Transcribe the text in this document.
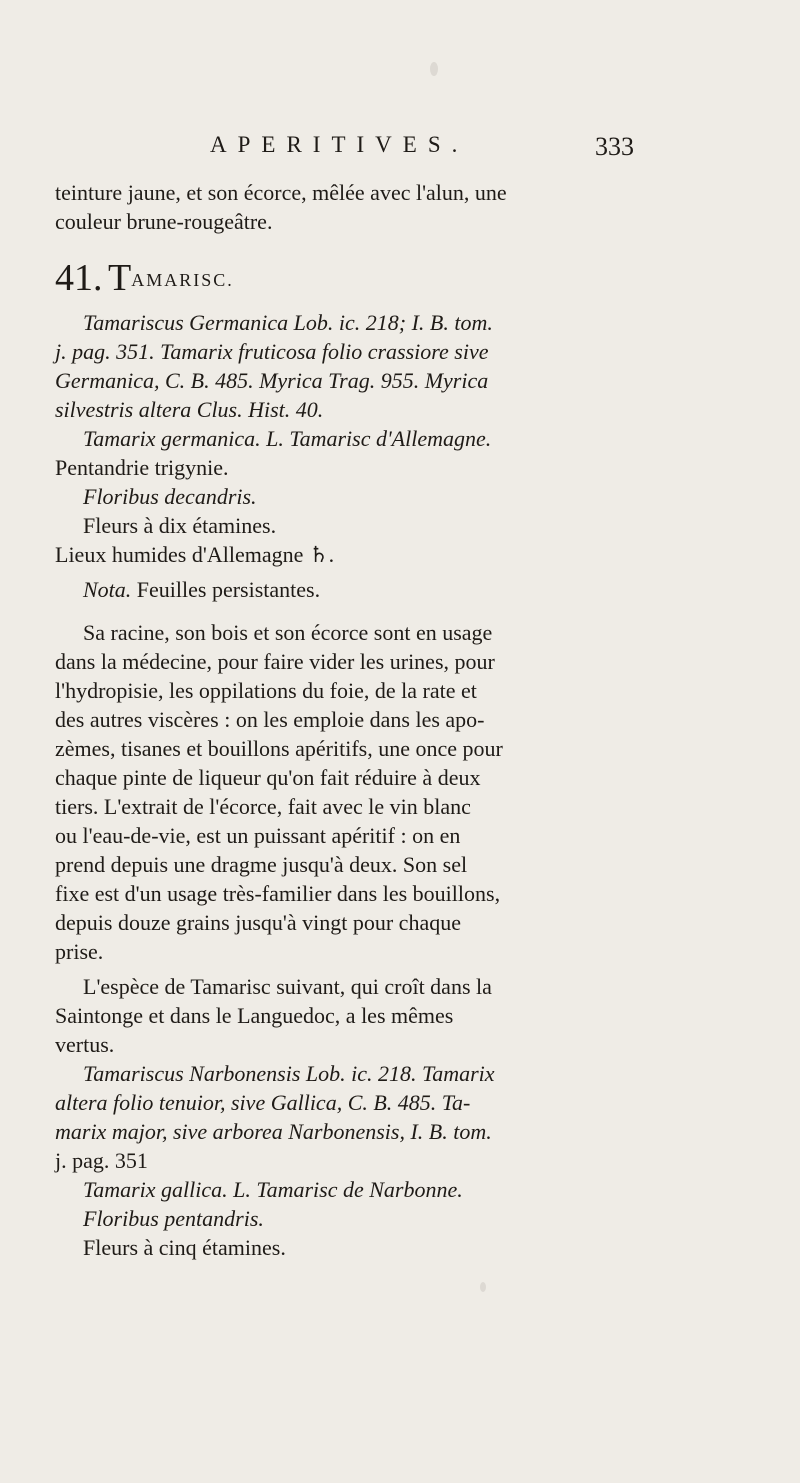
APERITIVES.	333
teinture jaune, et son écorce, mêlée avec l'alun, une
couleur brune-rougeâtre.
41. TAMARISC.
Tamariscus Germanica Lob. ic. 218; I. B. tom.
j. pag. 351. Tamarix fruticosa folio crassiore sive
Germanica, C. B. 485. Myrica Trag. 955. Myrica
silvestris altera Clus. Hist. 40.
Tamarix germanica. L. Tamarisc d'Allemagne.
Pentandrie trigynie.
Floribus decandris.
Fleurs à dix étamines.
Lieux humides d'Allemagne ♄.
Nota. Feuilles persistantes.
Sa racine, son bois et son écorce sont en usage
dans la médecine, pour faire vider les urines, pour
l'hydropisie, les oppilations du foie, de la rate et
des autres viscères : on les emploie dans les apo-
zèmes, tisanes et bouillons apéritifs, une once pour
chaque pinte de liqueur qu'on fait réduire à deux
tiers. L'extrait de l'écorce, fait avec le vin blanc
ou l'eau-de-vie, est un puissant apéritif : on en
prend depuis une dragme jusqu'à deux. Son sel
fixe est d'un usage très-familier dans les bouillons,
depuis douze grains jusqu'à vingt pour chaque
prise.
L'espèce de Tamarisc suivant, qui croît dans la
Saintonge et dans le Languedoc, a les mêmes
vertus.
Tamariscus Narbonensis Lob. ic. 218. Tamarix
altera folio tenuior, sive Gallica, C. B. 485. Ta-
marix major, sive arborea Narbonensis, I. B. tom.
j. pag. 351
Tamarix gallica. L. Tamarisc de Narbonne.
Floribus pentandris.
Fleurs à cinq étamines.
